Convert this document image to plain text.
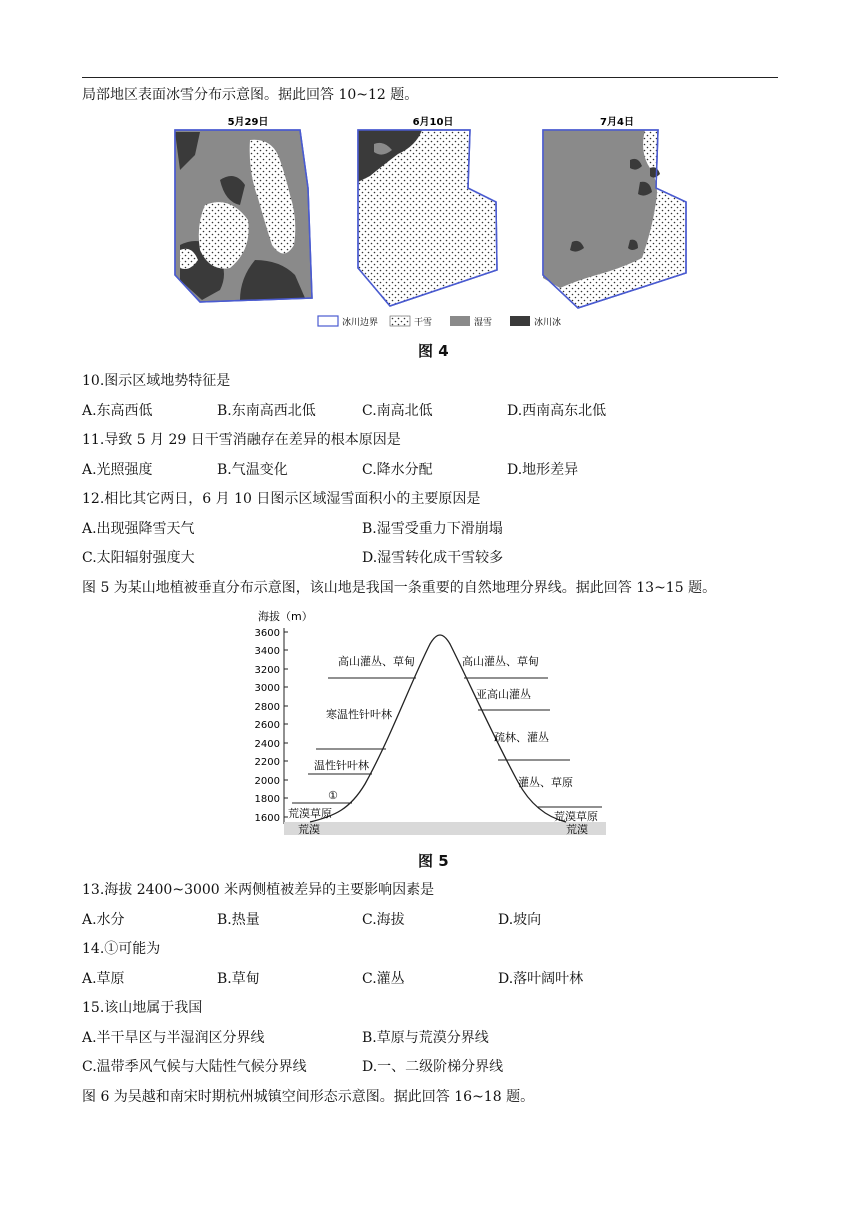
局部地区表面冰雪分布示意图。据此回答 10~12 题。
5月29日	6月10日	7月4日
冰川边界	干雪	湿雪	冰川冰
图 4
10.图示区域地势特征是
A.东高西低	B.东南高西北低	C.南高北低	D.西南高东北低
11.导致 5 月 29 日干雪消融存在差异的根本原因是
A.光照强度	B.气温变化	C.降水分配	D.地形差异
12.相比其它两日，6 月 10 日图示区域湿雪面积小的主要原因是
A.出现强降雪天气	B.湿雪受重力下滑崩塌
C.太阳辐射强度大	D.湿雪转化成干雪较多
图 5 为某山地植被垂直分布示意图，该山地是我国一条重要的自然地理分界线。据此回答 13~15 题。
海拔（m）
3600
3400
3200
3000
2800
2600
2400
2200
2000
1800
1600
高山灌丛、草甸
寒温性针叶林
温性针叶林
①
荒漠草原
荒漠
高山灌丛、草甸
亚高山灌丛
疏林、灌丛
灌丛、草原
荒漠草原
荒漠
图 5
13.海拔 2400~3000 米两侧植被差异的主要影响因素是
A.水分	B.热量	C.海拔	D.坡向
14.①可能为
A.草原	B.草甸	C.灌丛	D.落叶阔叶林
15.该山地属于我国
A.半干旱区与半湿润区分界线	B.草原与荒漠分界线
C.温带季风气候与大陆性气候分界线	D.一、二级阶梯分界线
图 6 为吴越和南宋时期杭州城镇空间形态示意图。据此回答 16~18 题。
